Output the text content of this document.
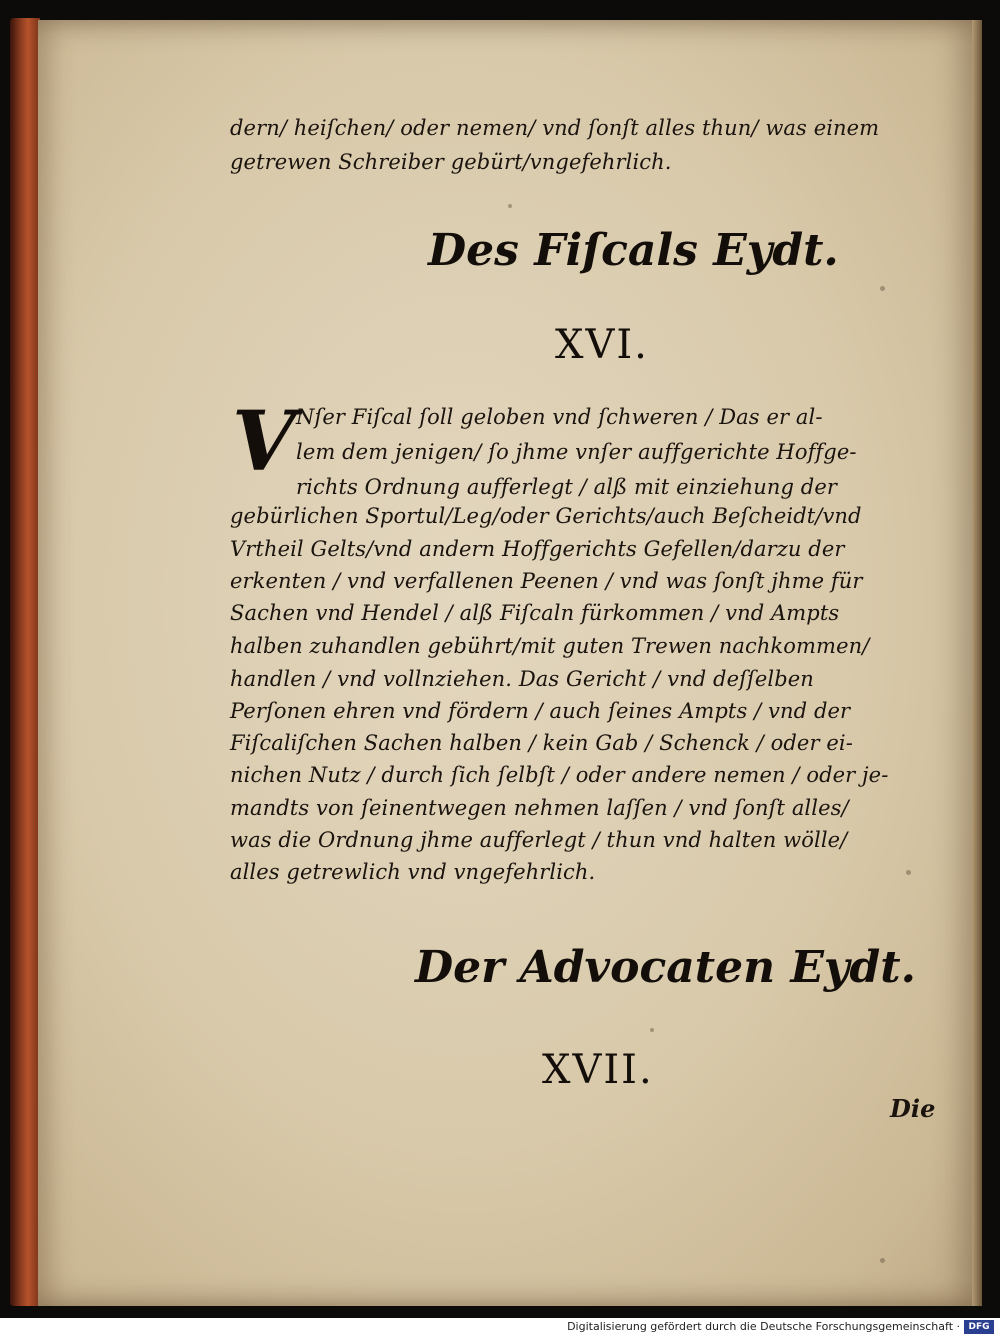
dern/ heiſchen/ oder nemen/ vnd ſonſt alles thun/ was einem
getrewen Schreiber gebürt/vngefehrlich.
Des Fiſcals Eydt.
XVI.
V Nſer Fiſcal ſoll geloben vnd ſchweren / Das er al-
lem dem jenigen/ ſo jhme vnſer auffgerichte Hoffge-
richts Ordnung aufferlegt / alß mit einziehung der
gebürlichen Sportul/Leg/oder Gerichts/auch Beſcheidt/vnd
Vrtheil Gelts/vnd andern Hoffgerichts Gefellen/darzu der
erkenten / vnd verfallenen Peenen / vnd was ſonſt jhme für
Sachen vnd Hendel / alß Fiſcaln fürkommen / vnd Ampts
halben zuhandlen gebührt/mit guten Trewen nachkommen/
handlen / vnd vollnziehen. Das Gericht / vnd deſſelben
Perſonen ehren vnd fördern / auch ſeines Ampts / vnd der
Fiſcaliſchen Sachen halben / kein Gab / Schenck / oder ei-
nichen Nutz / durch ſich ſelbſt / oder andere nemen / oder je-
mandts von ſeinentwegen nehmen laſſen / vnd ſonſt alles/
was die Ordnung jhme aufferlegt / thun vnd halten wölle/
alles getrewlich vnd vngefehrlich.
Der Advocaten Eydt.
XVII.
Die
Digitalisierung gefördert durch die Deutsche Forschungsgemeinschaft · DFG
